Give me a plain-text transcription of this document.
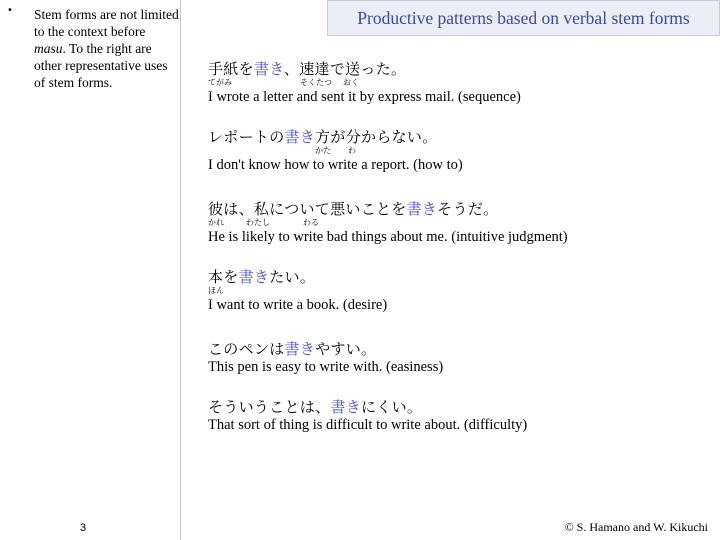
• Stem forms are not limited to the context before masu. To the right are other representative uses of stem forms.
Productive patterns based on verbal stem forms
手紙を書き、速達で送った。
てがみ	そくたつ おく
I wrote a letter and sent it by express mail. (sequence)
レポートの書き方が分からない。
かた わ
I don't know how to write a report. (how to)
彼は、私について悪いことを書きそうだ。
かれ	わたし	わる
He is likely to write bad things about me. (intuitive judgment)
本を書きたい。
ほん
I want to write a book. (desire)
このペンは書きやすい。
This pen is easy to write with. (easiness)
そういうことは、書きにくい。
That sort of thing is difficult to write about. (difficulty)
3	© S. Hamano and W. Kikuchi
